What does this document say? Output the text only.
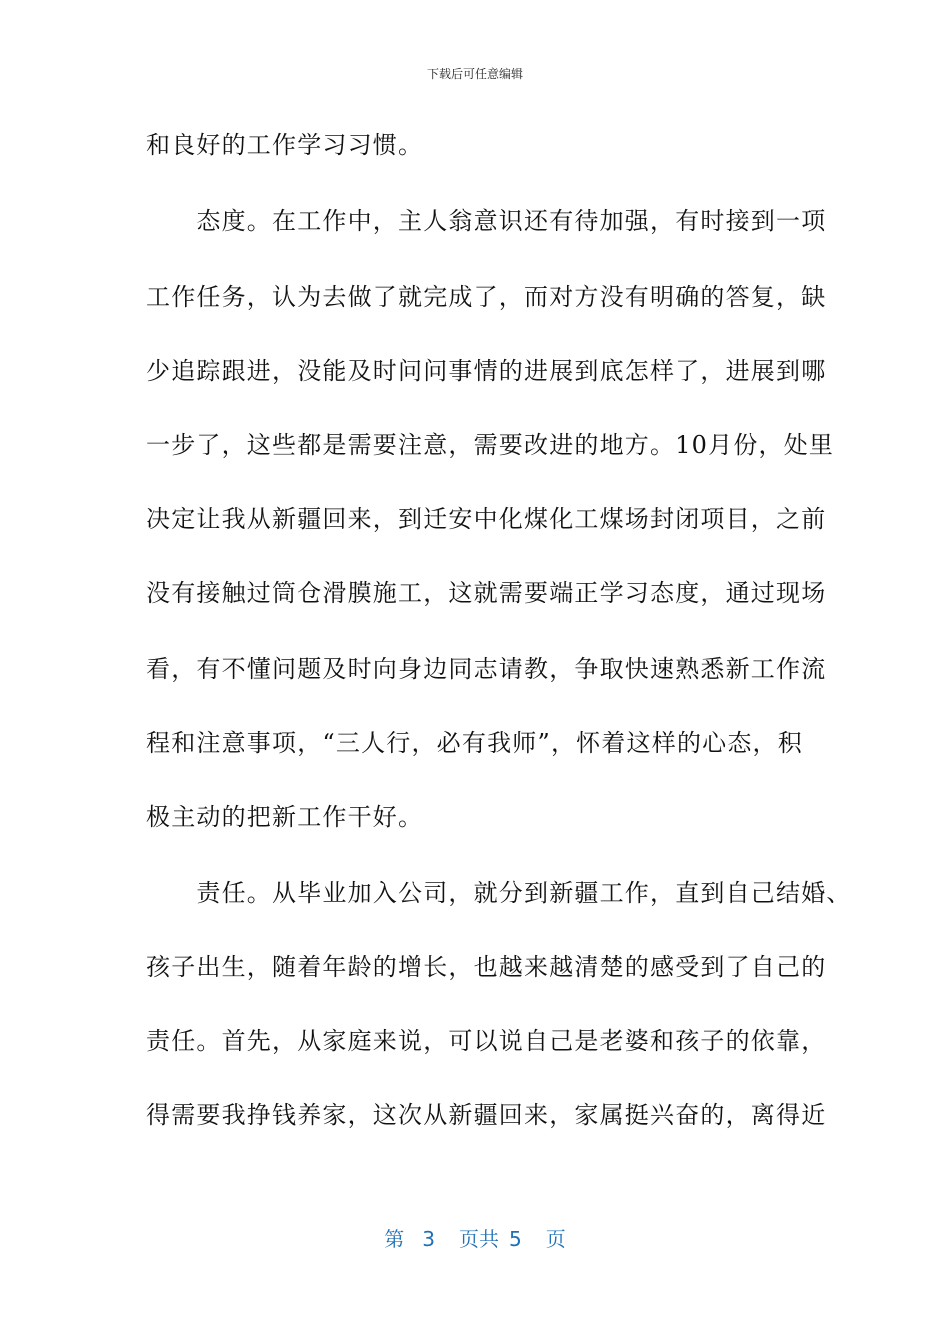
下载后可任意编辑
和良好的工作学习习惯。
　　态度。在工作中，主人翁意识还有待加强，有时接到一项
工作任务，认为去做了就完成了，而对方没有明确的答复，缺
少追踪跟进，没能及时问问事情的进展到底怎样了，进展到哪
一步了，这些都是需要注意，需要改进的地方。10月份，处里
决定让我从新疆回来，到迁安中化煤化工煤场封闭项目，之前
没有接触过筒仓滑膜施工，这就需要端正学习态度，通过现场
看，有不懂问题及时向身边同志请教，争取快速熟悉新工作流
程和注意事项，“三人行，必有我师”，怀着这样的心态，积
极主动的把新工作干好。
　　责任。从毕业加入公司，就分到新疆工作，直到自己结婚、
孩子出生，随着年龄的增长，也越来越清楚的感受到了自己的
责任。首先，从家庭来说，可以说自己是老婆和孩子的依靠，
得需要我挣钱养家，这次从新疆回来，家属挺兴奋的，离得近
第 3 页共 5 页
